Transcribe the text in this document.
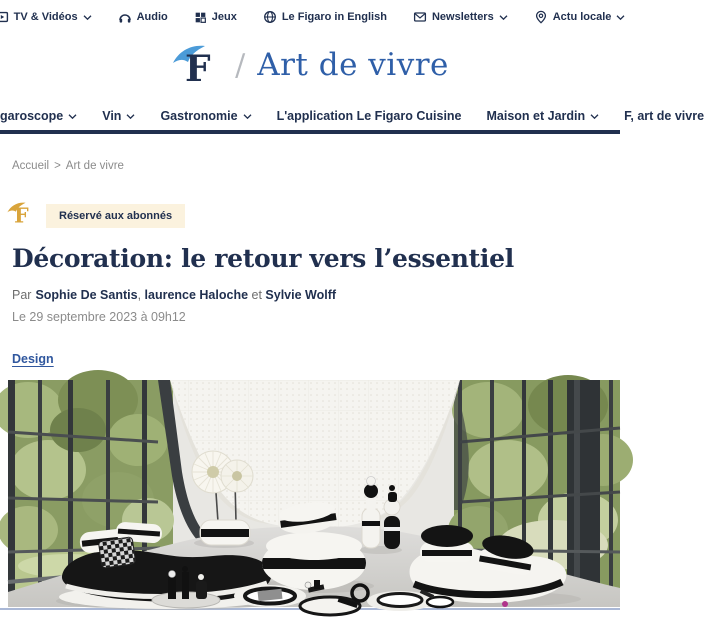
TV & Vidéos	Audio	Jeux	Le Figaro in English	Newsletters	Actu locale
F / Art de vivre
garoscope	Vin	Gastronomie	L'application Le Figaro Cuisine Maison et Jardin	F, art de vivre
Accueil > Art de vivre
F	Réservé aux abonnés
Décoration: le retour vers l’essentiel
Par Sophie De Santis, laurence Haloche et Sylvie Wolff
Le 29 septembre 2023 à 09h12
Design
